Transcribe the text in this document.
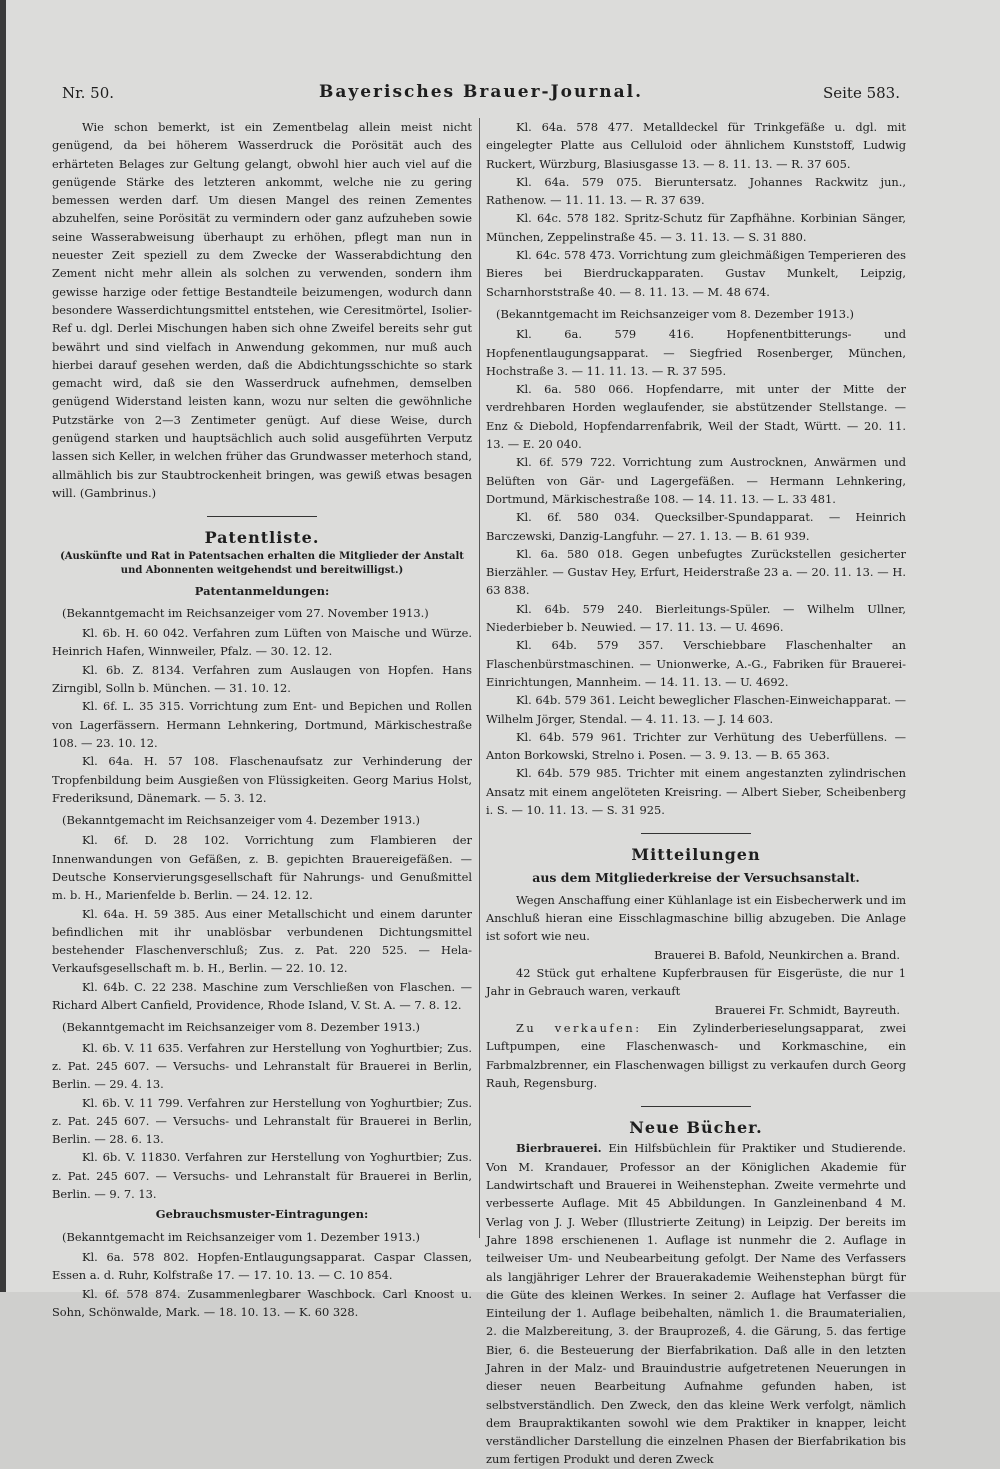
Nr. 50.	Bayerisches Brauer-Journal.	Seite 583.

Wie schon bemerkt, ist ein Zementbelag allein meist nicht genügend, da bei höherem Wasserdruck die Porösität auch des erhärteten Belages zur Geltung gelangt, obwohl hier auch viel auf die genügende Stärke des letzteren ankommt, welche nie zu gering bemessen werden darf. Um diesen Mangel des reinen Zementes abzuhelfen, seine Porösität zu vermindern oder ganz aufzuheben sowie seine Wasserabweisung überhaupt zu erhöhen, pflegt man nun in neuester Zeit speziell zu dem Zwecke der Wasserabdichtung den Zement nicht mehr allein als solchen zu verwenden, sondern ihm gewisse harzige oder fettige Bestandteile beizumengen, wodurch dann besondere Wasserdichtungsmittel entstehen, wie Ceresitmörtel, Isolier-Ref u. dgl. Derlei Mischungen haben sich ohne Zweifel bereits sehr gut bewährt und sind vielfach in Anwendung gekommen, nur muß auch hierbei darauf gesehen werden, daß die Abdichtungsschichte so stark gemacht wird, daß sie den Wasserdruck aufnehmen, demselben genügend Widerstand leisten kann, wozu nur selten die gewöhnliche Putzstärke von 2—3 Zentimeter genügt. Auf diese Weise, durch genügend starken und hauptsächlich auch solid ausgeführten Verputz lassen sich Keller, in welchen früher das Grundwasser meterhoch stand, allmählich bis zur Staubtrockenheit bringen, was gewiß etwas besagen will. (Gambrinus.)

Patentliste.
(Auskünfte und Rat in Patentsachen erhalten die Mitglieder der Anstalt und Abonnenten weitgehendst und bereitwilligst.)
Patentanmeldungen:

(Bekanntgemacht im Reichsanzeiger vom 27. November 1913.)

Kl. 6b. H. 60 042. Verfahren zum Lüften von Maische und Würze. Heinrich Hafen, Winnweiler, Pfalz. — 30. 12. 12.

Kl. 6b. Z. 8134. Verfahren zum Auslaugen von Hopfen. Hans Zirngibl, Solln b. München. — 31. 10. 12.

Kl. 6f. L. 35 315. Vorrichtung zum Ent- und Bepichen und Rollen von Lagerfässern. Hermann Lehnkering, Dortmund, Märkischestraße 108. — 23. 10. 12.

Kl. 64a. H. 57 108. Flaschenaufsatz zur Verhinderung der Tropfenbildung beim Ausgießen von Flüssigkeiten. Georg Marius Holst, Frederiksund, Dänemark. — 5. 3. 12.

(Bekanntgemacht im Reichsanzeiger vom 4. Dezember 1913.)

Kl. 6f. D. 28 102. Vorrichtung zum Flambieren der Innenwandungen von Gefäßen, z. B. gepichten Brauereigefäßen. — Deutsche Konservierungsgesellschaft für Nahrungs- und Genußmittel m. b. H., Marienfelde b. Berlin. — 24. 12. 12.

Kl. 64a. H. 59 385. Aus einer Metallschicht und einem darunter befindlichen mit ihr unablösbar verbundenen Dichtungsmittel bestehender Flaschenverschluß; Zus. z. Pat. 220 525. — Hela-Verkaufsgesellschaft m. b. H., Berlin. — 22. 10. 12.

Kl. 64b. C. 22 238. Maschine zum Verschließen von Flaschen. — Richard Albert Canfield, Providence, Rhode Island, V. St. A. — 7. 8. 12.

(Bekanntgemacht im Reichsanzeiger vom 8. Dezember 1913.)

Kl. 6b. V. 11 635. Verfahren zur Herstellung von Yoghurtbier; Zus. z. Pat. 245 607. — Versuchs- und Lehranstalt für Brauerei in Berlin, Berlin. — 29. 4. 13.

Kl. 6b. V. 11 799. Verfahren zur Herstellung von Yoghurtbier; Zus. z. Pat. 245 607. — Versuchs- und Lehranstalt für Brauerei in Berlin, Berlin. — 28. 6. 13.

Kl. 6b. V. 11830. Verfahren zur Herstellung von Yoghurtbier; Zus. z. Pat. 245 607. — Versuchs- und Lehranstalt für Brauerei in Berlin, Berlin. — 9. 7. 13.

Gebrauchsmuster-Eintragungen:

(Bekanntgemacht im Reichsanzeiger vom 1. Dezember 1913.)

Kl. 6a. 578 802. Hopfen-Entlaugungsapparat. Caspar Classen, Essen a. d. Ruhr, Kolfstraße 17. — 17. 10. 13. — C. 10 854.

Kl. 6f. 578 874. Zusammenlegbarer Waschbock. Carl Knoost u. Sohn, Schönwalde, Mark. — 18. 10. 13. — K. 60 328.

Kl. 64a. 578 477. Metalldeckel für Trinkgefäße u. dgl. mit eingelegter Platte aus Celluloid oder ähnlichem Kunststoff, Ludwig Ruckert, Würzburg, Blasiusgasse 13. — 8. 11. 13. — R. 37 605.

Kl. 64a. 579 075. Bieruntersatz. Johannes Rackwitz jun., Rathenow. — 11. 11. 13. — R. 37 639.

Kl. 64c. 578 182. Spritz-Schutz für Zapfhähne. Korbinian Sänger, München, Zeppelinstraße 45. — 3. 11. 13. — S. 31 880.

Kl. 64c. 578 473. Vorrichtung zum gleichmäßigen Temperieren des Bieres bei Bierdruckapparaten. Gustav Munkelt, Leipzig, Scharnhorststraße 40. — 8. 11. 13. — M. 48 674.

(Bekanntgemacht im Reichsanzeiger vom 8. Dezember 1913.)

Kl. 6a. 579 416. Hopfenentbitterungs- und Hopfenentlaugungsapparat. — Siegfried Rosenberger, München, Hochstraße 3. — 11. 11. 13. — R. 37 595.

Kl. 6a. 580 066. Hopfendarre, mit unter der Mitte der verdrehbaren Horden weglaufender, sie abstützender Stellstange. — Enz & Diebold, Hopfendarrenfabrik, Weil der Stadt, Württ. — 20. 11. 13. — E. 20 040.

Kl. 6f. 579 722. Vorrichtung zum Austrocknen, Anwärmen und Belüften von Gär- und Lagergefäßen. — Hermann Lehnkering, Dortmund, Märkischestraße 108. — 14. 11. 13. — L. 33 481.

Kl. 6f. 580 034. Quecksilber-Spundapparat. — Heinrich Barczewski, Danzig-Langfuhr. — 27. 1. 13. — B. 61 939.

Kl. 6a. 580 018. Gegen unbefugtes Zurückstellen gesicherter Bierzähler. — Gustav Hey, Erfurt, Heiderstraße 23 a. — 20. 11. 13. — H. 63 838.

Kl. 64b. 579 240. Bierleitungs-Spüler. — Wilhelm Ullner, Niederbieber b. Neuwied. — 17. 11. 13. — U. 4696.

Kl. 64b. 579 357. Verschiebbare Flaschenhalter an Flaschenbürstmaschinen. — Unionwerke, A.-G., Fabriken für Brauerei-Einrichtungen, Mannheim. — 14. 11. 13. — U. 4692.

Kl. 64b. 579 361. Leicht beweglicher Flaschen-Einweichapparat. — Wilhelm Jörger, Stendal. — 4. 11. 13. — J. 14 603.

Kl. 64b. 579 961. Trichter zur Verhütung des Ueberfüllens. — Anton Borkowski, Strelno i. Posen. — 3. 9. 13. — B. 65 363.

Kl. 64b. 579 985. Trichter mit einem angestanzten zylindrischen Ansatz mit einem angelöteten Kreisring. — Albert Sieber, Scheibenberg i. S. — 10. 11. 13. — S. 31 925.

Mitteilungen
aus dem Mitgliederkreise der Versuchsanstalt.

Wegen Anschaffung einer Kühlanlage ist ein Eisbecherwerk und im Anschluß hieran eine Eisschlagmaschine billig abzugeben. Die Anlage ist sofort wie neu.

Brauerei B. Bafold, Neunkirchen a. Brand.

42 Stück gut erhaltene Kupferbrausen für Eisgerüste, die nur 1 Jahr in Gebrauch waren, verkauft

Brauerei Fr. Schmidt, Bayreuth.

Zu verkaufen: Ein Zylinderberieselungsapparat, zwei Luftpumpen, eine Flaschenwasch- und Korkmaschine, ein Farbmalzbrenner, ein Flaschenwagen billigst zu verkaufen durch Georg Rauh, Regensburg.

Neue Bücher.

Bierbrauerei. Ein Hilfsbüchlein für Praktiker und Studierende. Von M. Krandauer, Professor an der Königlichen Akademie für Landwirtschaft und Brauerei in Weihenstephan. Zweite vermehrte und verbesserte Auflage. Mit 45 Abbildungen. In Ganzleinenband 4 M. Verlag von J. J. Weber (Illustrierte Zeitung) in Leipzig. Der bereits im Jahre 1898 erschienenen 1. Auflage ist nunmehr die 2. Auflage in teilweiser Um- und Neubearbeitung gefolgt. Der Name des Verfassers als langjähriger Lehrer der Brauerakademie Weihenstephan bürgt für die Güte des kleinen Werkes. In seiner 2. Auflage hat Verfasser die Einteilung der 1. Auflage beibehalten, nämlich 1. die Braumaterialien, 2. die Malzbereitung, 3. der Brauprozeß, 4. die Gärung, 5. das fertige Bier, 6. die Besteuerung der Bierfabrikation. Daß alle in den letzten Jahren in der Malz- und Brauindustrie aufgetretenen Neuerungen in dieser neuen Bearbeitung Aufnahme gefunden haben, ist selbstverständlich. Den Zweck, den das kleine Werk verfolgt, nämlich dem Braupraktikanten sowohl wie dem Praktiker in knapper, leicht verständlicher Darstellung die einzelnen Phasen der Bierfabrikation bis zum fertigen Produkt und deren Zweck
